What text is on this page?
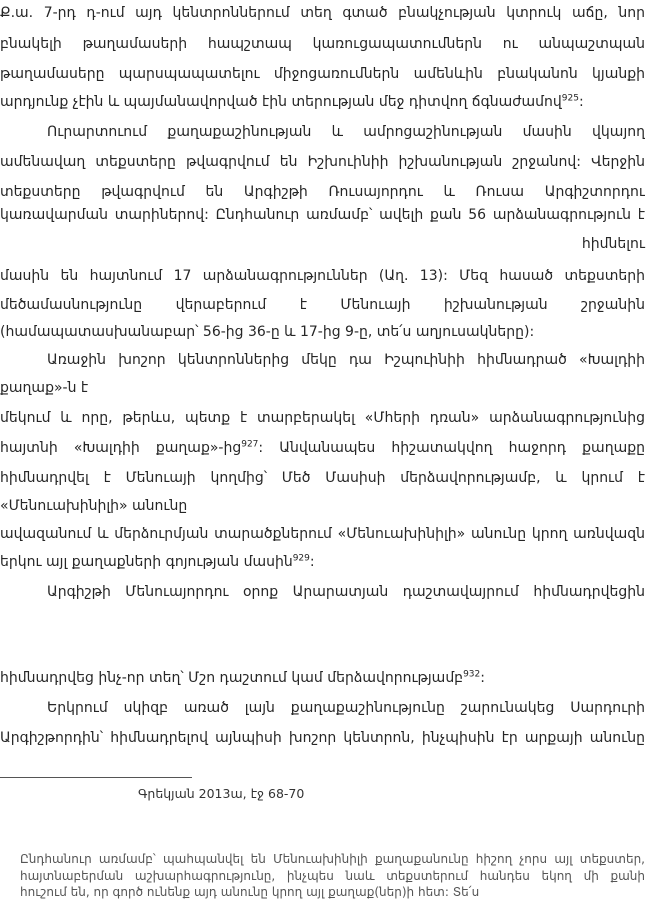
Ք.ա. 7-րդ դ-ում այդ կենտրոններում տեղ գտած բնակչության կտրուկ աճը, նոր
բնակելի թաղամասերի հապշտապ կառուցապատումներն ու անպաշտպան
թաղամասերը պարսպապատելու միջոցառումներն ամենևին բնականոն կյանքի
արդյունք չէին և պայմանավորված էին տերության մեջ դիտվող ճգնաժամով$^{925}$:
Ուրարտուում քաղաքաշինության և ամրոցաշինության մասին վկայող
ամենավաղ տեքստերը թվագրվում են Իշխուինիի իշխանության շրջանով: Վերջին
տեքստերը թվագրվում են Արգիշթի Ռուսայորդու և Ռուսա Արգիշտորդու
կառավարման տարիներով: Ընդհանուր առմամբ՝ ավելի քան 56 արձանագրություն է
հիմնելու
մասին են հայտնում 17 արձանագրություններ (Աղ. 13): Մեզ հասած տեքստերի
մեծամասնությունը վերաբերում է Մենուայի իշխանության շրջանին
(համապատասխանաբար՝ 56-ից 36-ը և 17-ից 9-ը, տե՛ս աղյուսակները):
Առաջին խոշոր կենտրոններից մեկը դա Իշպուինիի հիմնադրած «Խալդիի
քաղաք»-ն է
մեկում և որը, թերևս, պետք է տարբերակել «Մհերի դռան» արձանագրությունից
հայտնի «Խալդիի քաղաք»-ից$^{927}$: Անվանապես հիշատակվող հաջորդ քաղաքը
հիմնադրվել է Մենուայի կողմից՝ Մեծ Մասիսի մերձավորությամբ, և կրում է
«Մենուախինիլի» անունը
ավազանում և մերձուրմյան տարածքներում «Մենուախինիլի» անունը կրող առնվազն
երկու այլ քաղաքների գոյության մասին$^{929}$:
Արգիշթի Մենուայորդու օրոք Արարատյան դաշտավայրում հիմնադրվեցին
հիմնադրվեց ինչ-որ տեղ՝ Մշո դաշտում կամ մերձավորությամբ$^{932}$:
Երկրում սկիզբ առած լայն քաղաքաշինությունը շարունակեց Սարդուրի
Արգիշթորդին՝ հիմնադրելով այնպիսի խոշոր կենտրոն, ինչպիսին էր արքայի անունը
Գրեկյան 2013ա, էջ 68-70
Ընդհանուր առմամբ՝ պահպանվել են Մենուախինիլի քաղաքանունը հիշող չորս այլ տեքստեր,
հայտնաբերման աշխարհագրությունը, ինչպես նաև տեքստերում հանդես եկող մի քանի
հուշում են, որ գործ ունենք այդ անունը կրող այլ քաղաք(ներ)ի հետ: Տե՛ս
